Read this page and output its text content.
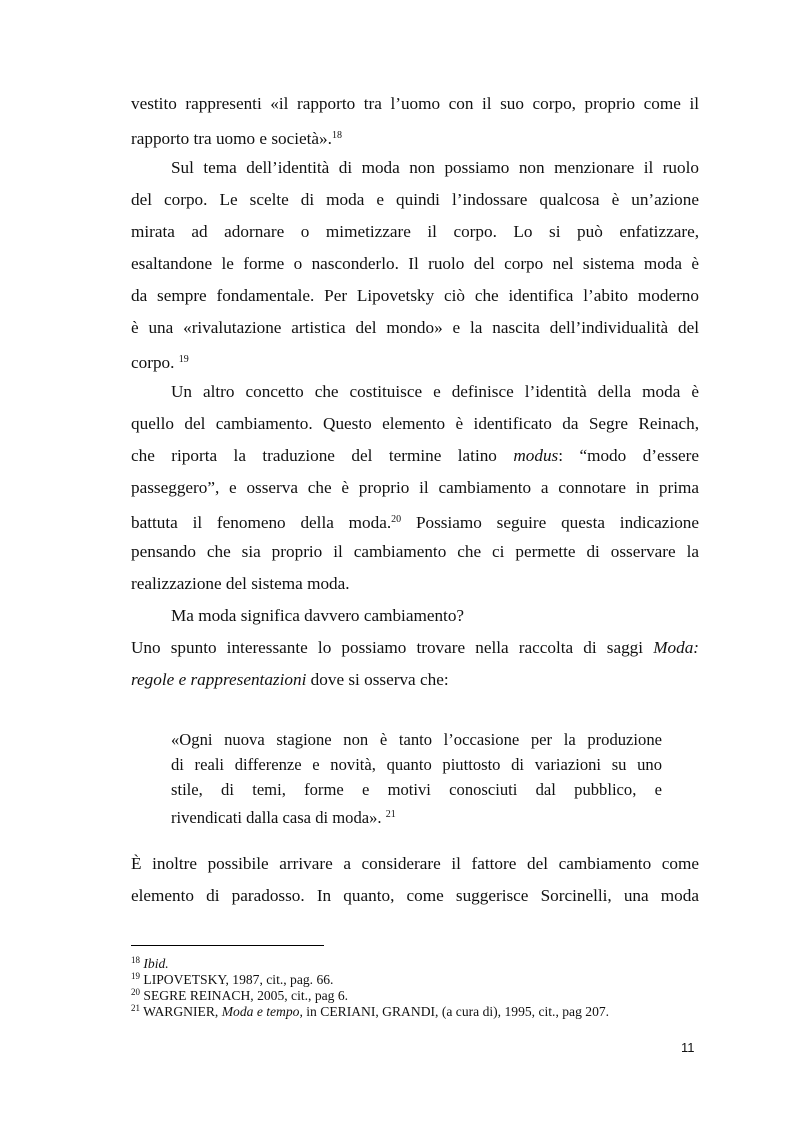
vestito rappresenti «il rapporto tra l’uomo con il suo corpo, proprio come il
rapporto tra uomo e società».$^{18}$
Sul tema dell’identità di moda non possiamo non menzionare il ruolo
del corpo. Le scelte di moda e quindi l’indossare qualcosa è un’azione
mirata ad adornare o mimetizzare il corpo. Lo si può enfatizzare,
esaltandone le forme o nasconderlo. Il ruolo del corpo nel sistema moda è
da sempre fondamentale. Per Lipovetsky ciò che identifica l’abito moderno
è una «rivalutazione artistica del mondo» e la nascita dell’individualità del
corpo. $^{19}$
Un altro concetto che costituisce e definisce l’identità della moda è
quello del cambiamento. Questo elemento è identificato da Segre Reinach,
che riporta la traduzione del termine latino modus: “modo d’essere
passeggero”, e osserva che è proprio il cambiamento a connotare in prima
battuta il fenomeno della moda.$^{20}$ Possiamo seguire questa indicazione
pensando che sia proprio il cambiamento che ci permette di osservare la
realizzazione del sistema moda.
Ma moda significa davvero cambiamento?
Uno spunto interessante lo possiamo trovare nella raccolta di saggi Moda:
regole e rappresentazioni dove si osserva che:
«Ogni nuova stagione non è tanto l’occasione per la produzione
di reali differenze e novità, quanto piuttosto di variazioni su uno
stile, di temi, forme e motivi conosciuti dal pubblico, e
rivendicati dalla casa di moda». $^{21}$
È inoltre possibile arrivare a considerare il fattore del cambiamento come
elemento di paradosso. In quanto, come suggerisce Sorcinelli, una moda
$^{18}$ Ibid.
$^{19}$ LIPOVETSKY, 1987, cit., pag. 66.
$^{20}$ SEGRE REINACH, 2005, cit., pag 6.
$^{21}$ WARGNIER, Moda e tempo, in CERIANI, GRANDI, (a cura di), 1995, cit., pag 207.
11
